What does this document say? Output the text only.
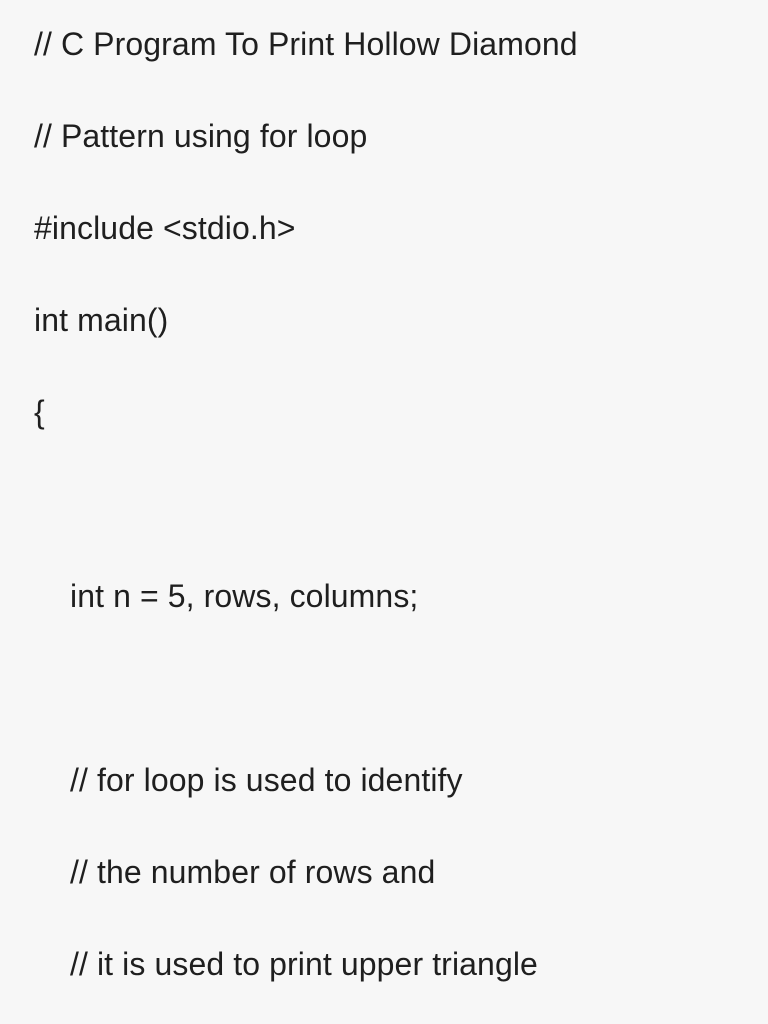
// C Program To Print Hollow Diamond
// Pattern using for loop
#include <stdio.h>
int main()
{
int n = 5, rows, columns;
// for loop is used to identify
// the number of rows and
// it is used to print upper triangle
